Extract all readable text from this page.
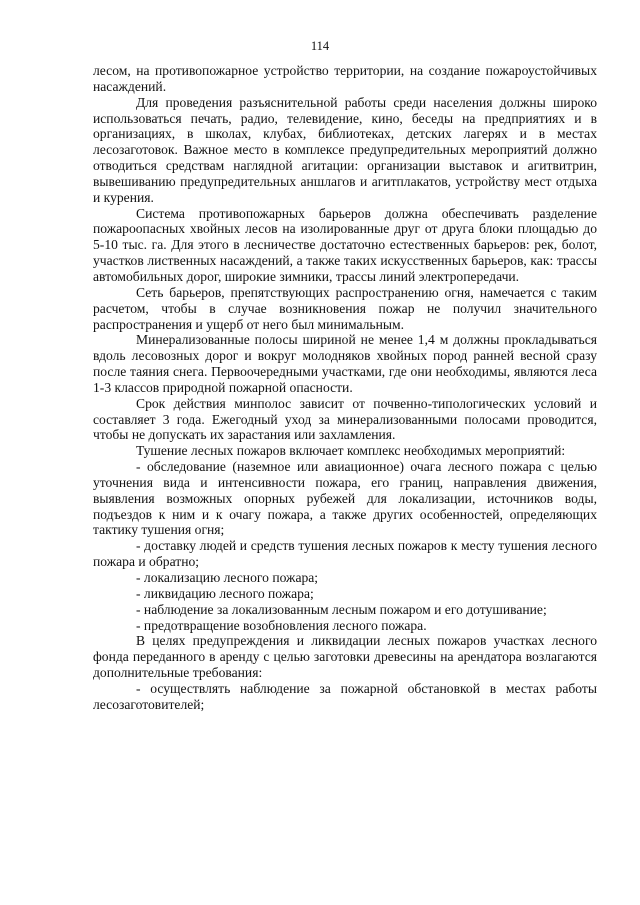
114

лесом, на противопожарное устройство территории, на создание пожароустойчивых насаждений.

Для проведения разъяснительной работы среди населения должны широко использоваться печать, радио, телевидение, кино, беседы на предприятиях и в организациях, в школах, клубах, библиотеках, детских лагерях и в местах лесозаготовок. Важное место в комплексе предупредительных мероприятий должно отводиться средствам наглядной агитации: организации выставок и агитвитрин, вывешиванию предупредительных аншлагов и агитплакатов, устройству мест отдыха и курения.

Система противопожарных барьеров должна обеспечивать разделение пожароопасных хвойных лесов на изолированные друг от друга блоки площадью до 5-10 тыс. га. Для этого в лесничестве достаточно естественных барьеров: рек, болот, участков лиственных насаждений, а также таких искусственных барьеров, как: трассы автомобильных дорог, широкие зимники, трассы линий электропередачи.

Сеть барьеров, препятствующих распространению огня, намечается с таким расчетом, чтобы в случае возникновения пожар не получил значительного распространения и ущерб от него был минимальным.

Минерализованные полосы шириной не менее 1,4 м должны прокладываться вдоль лесовозных дорог и вокруг молодняков хвойных пород ранней весной сразу после таяния снега. Первоочередными участками, где они необходимы, являются леса 1-3 классов природной пожарной опасности.

Срок действия минполос зависит от почвенно-типологических условий и составляет 3 года. Ежегодный уход за минерализованными полосами проводится, чтобы не допускать их зарастания или захламления.

Тушение лесных пожаров включает комплекс необходимых мероприятий:

- обследование (наземное или авиационное) очага лесного пожара с целью уточнения вида и интенсивности пожара, его границ, направления движения, выявления возможных опорных рубежей для локализации, источников воды, подъездов к ним и к очагу пожара, а также других особенностей, определяющих тактику тушения огня;

- доставку людей и средств тушения лесных пожаров к месту тушения лесного пожара и обратно;

- локализацию лесного пожара;

- ликвидацию лесного пожара;

- наблюдение за локализованным лесным пожаром и его дотушивание;

- предотвращение возобновления лесного пожара.

В целях предупреждения и ликвидации лесных пожаров участках лесного фонда переданного в аренду с целью заготовки древесины на арендатора возлагаются дополнительные требования:

- осуществлять наблюдение за пожарной обстановкой в местах работы лесозаготовителей;
